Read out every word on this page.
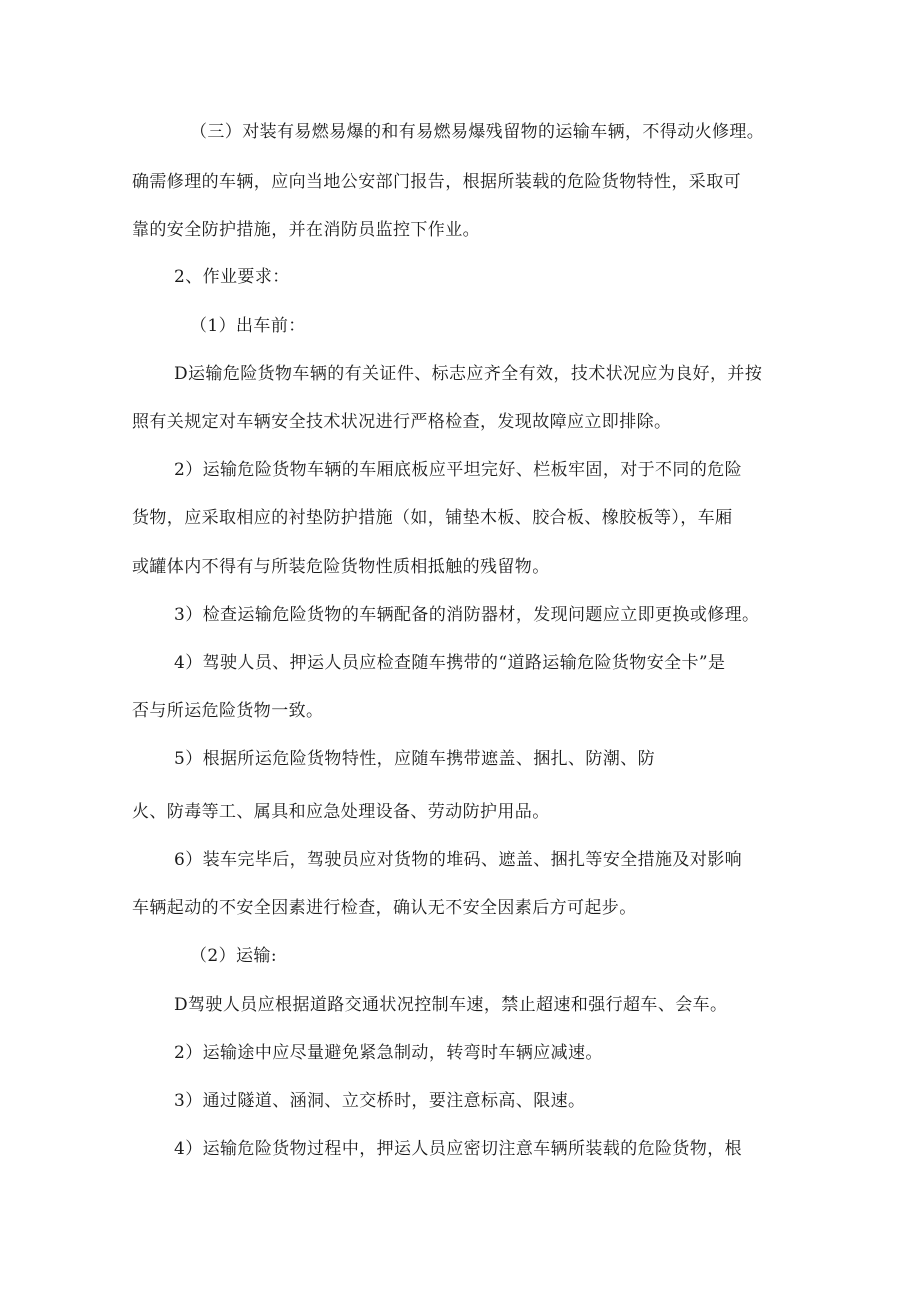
（三）对装有易燃易爆的和有易燃易爆残留物的运输车辆，不得动火修理。
确需修理的车辆，应向当地公安部门报告，根据所装载的危险货物特性，采取可
靠的安全防护措施，并在消防员监控下作业。
2、作业要求：
（1）出车前：
D运输危险货物车辆的有关证件、标志应齐全有效，技术状况应为良好，并按
照有关规定对车辆安全技术状况进行严格检查，发现故障应立即排除。
2）运输危险货物车辆的车厢底板应平坦完好、栏板牢固，对于不同的危险
货物，应采取相应的衬垫防护措施（如，铺垫木板、胶合板、橡胶板等），车厢
或罐体内不得有与所装危险货物性质相抵触的残留物。
3）检查运输危险货物的车辆配备的消防器材，发现问题应立即更换或修理。
4）驾驶人员、押运人员应检查随车携带的“道路运输危险货物安全卡”是
否与所运危险货物一致。
5）根据所运危险货物特性，应随车携带遮盖、捆扎、防潮、防
火、防毒等工、属具和应急处理设备、劳动防护用品。
6）装车完毕后，驾驶员应对货物的堆码、遮盖、捆扎等安全措施及对影响
车辆起动的不安全因素进行检查，确认无不安全因素后方可起步。
（2）运输:
D驾驶人员应根据道路交通状况控制车速，禁止超速和强行超车、会车。
2）运输途中应尽量避免紧急制动，转弯时车辆应减速。
3）通过隧道、涵洞、立交桥时，要注意标高、限速。
4）运输危险货物过程中，押运人员应密切注意车辆所装载的危险货物，根
